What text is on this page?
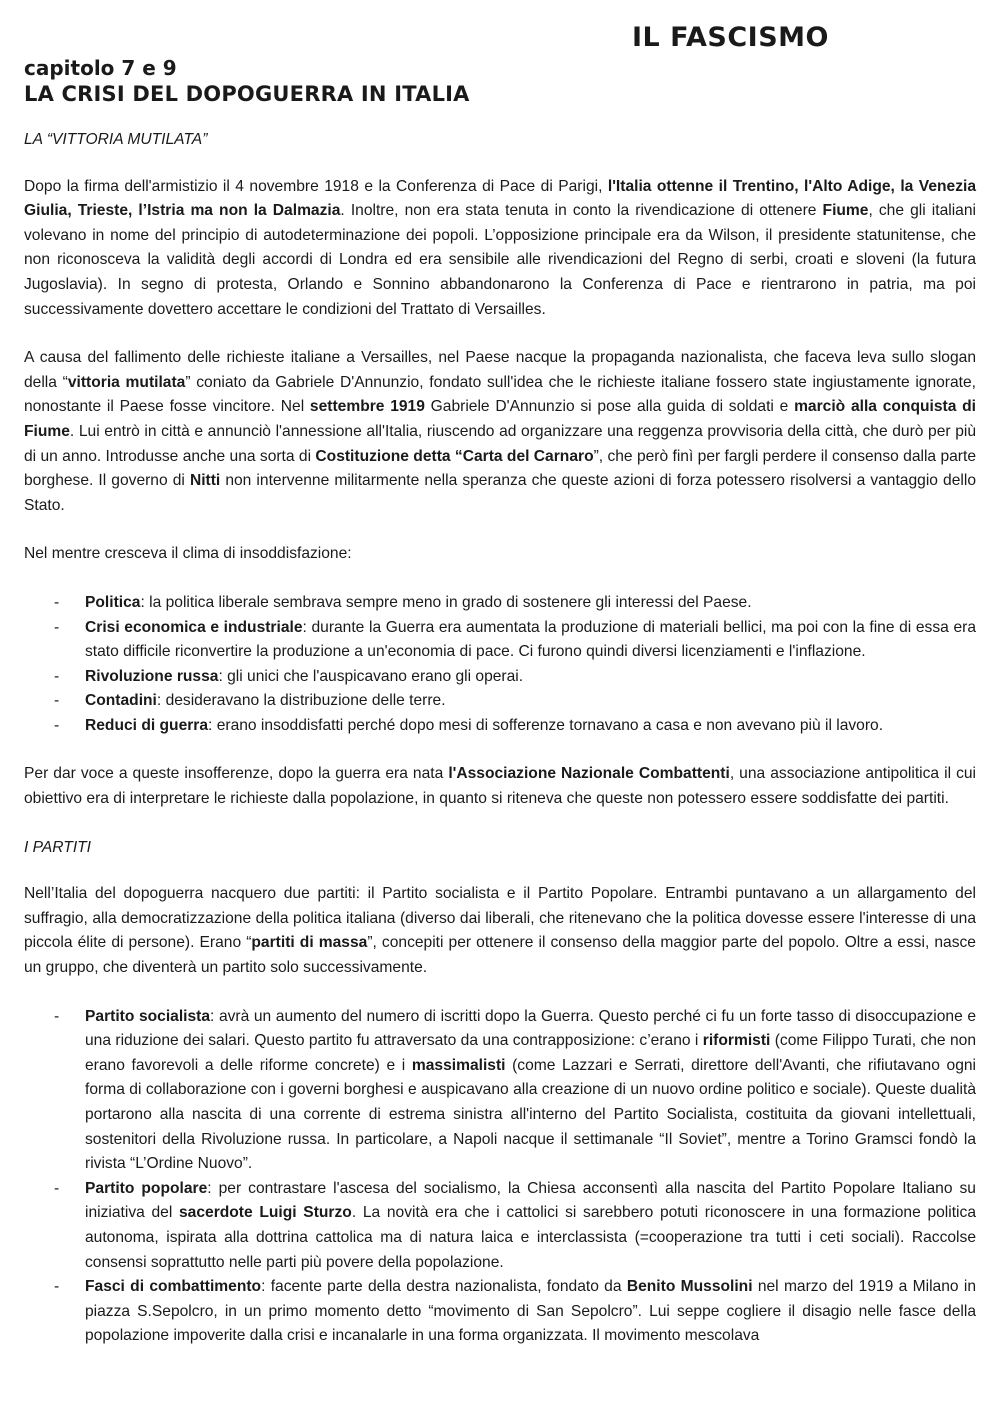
IL FASCISMO
capitolo 7 e 9
LA CRISI DEL DOPOGUERRA IN ITALIA

LA “VITTORIA MUTILATA”

Dopo la firma dell'armistizio il 4 novembre 1918 e la Conferenza di Pace di Parigi, l'Italia ottenne il Trentino, l'Alto Adige, la Venezia Giulia, Trieste, l’Istria ma non la Dalmazia. Inoltre, non era stata tenuta in conto la rivendicazione di ottenere Fiume, che gli italiani volevano in nome del principio di autodeterminazione dei popoli. L’opposizione principale era da Wilson, il presidente statunitense, che non riconosceva la validità degli accordi di Londra ed era sensibile alle rivendicazioni del Regno di serbi, croati e sloveni (la futura Jugoslavia). In segno di protesta, Orlando e Sonnino abbandonarono la Conferenza di Pace e rientrarono in patria, ma poi successivamente dovettero accettare le condizioni del Trattato di Versailles.

A causa del fallimento delle richieste italiane a Versailles, nel Paese nacque la propaganda nazionalista, che faceva leva sullo slogan della “vittoria mutilata” coniato da Gabriele D'Annunzio, fondato sull'idea che le richieste italiane fossero state ingiustamente ignorate, nonostante il Paese fosse vincitore. Nel settembre 1919 Gabriele D'Annunzio si pose alla guida di soldati e marciò alla conquista di Fiume. Lui entrò in città e annunciò l'annessione all'Italia, riuscendo ad organizzare una reggenza provvisoria della città, che durò per più di un anno. Introdusse anche una sorta di Costituzione detta “Carta del Carnaro”, che però finì per fargli perdere il consenso dalla parte borghese. Il governo di Nitti non intervenne militarmente nella speranza che queste azioni di forza potessero risolversi a vantaggio dello Stato.

Nel mentre cresceva il clima di insoddisfazione:

- Politica: la politica liberale sembrava sempre meno in grado di sostenere gli interessi del Paese.
- Crisi economica e industriale: durante la Guerra era aumentata la produzione di materiali bellici, ma poi con la fine di essa era stato difficile riconvertire la produzione a un'economia di pace. Ci furono quindi diversi licenziamenti e l'inflazione.
- Rivoluzione russa: gli unici che l'auspicavano erano gli operai.
- Contadini: desideravano la distribuzione delle terre.
- Reduci di guerra: erano insoddisfatti perché dopo mesi di sofferenze tornavano a casa e non avevano più il lavoro.

Per dar voce a queste insofferenze, dopo la guerra era nata l'Associazione Nazionale Combattenti, una associazione antipolitica il cui obiettivo era di interpretare le richieste dalla popolazione, in quanto si riteneva che queste non potessero essere soddisfatte dei partiti.

I PARTITI

Nell’Italia del dopoguerra nacquero due partiti: il Partito socialista e il Partito Popolare. Entrambi puntavano a un allargamento del suffragio, alla democratizzazione della politica italiana (diverso dai liberali, che ritenevano che la politica dovesse essere l'interesse di una piccola élite di persone). Erano “partiti di massa”, concepiti per ottenere il consenso della maggior parte del popolo. Oltre a essi, nasce un gruppo, che diventerà un partito solo successivamente.

- Partito socialista: avrà un aumento del numero di iscritti dopo la Guerra. Questo perché ci fu un forte tasso di disoccupazione e una riduzione dei salari. Questo partito fu attraversato da una contrapposizione: c’erano i riformisti (come Filippo Turati, che non erano favorevoli a delle riforme concrete) e i massimalisti (come Lazzari e Serrati, direttore dell'Avanti, che rifiutavano ogni forma di collaborazione con i governi borghesi e auspicavano alla creazione di un nuovo ordine politico e sociale). Queste dualità portarono alla nascita di una corrente di estrema sinistra all'interno del Partito Socialista, costituita da giovani intellettuali, sostenitori della Rivoluzione russa. In particolare, a Napoli nacque il settimanale “Il Soviet”, mentre a Torino Gramsci fondò la rivista “L’Ordine Nuovo”.
- Partito popolare: per contrastare l'ascesa del socialismo, la Chiesa acconsentì alla nascita del Partito Popolare Italiano su iniziativa del sacerdote Luigi Sturzo. La novità era che i cattolici si sarebbero potuti riconoscere in una formazione politica autonoma, ispirata alla dottrina cattolica ma di natura laica e interclassista (=cooperazione tra tutti i ceti sociali). Raccolse consensi soprattutto nelle parti più povere della popolazione.
- Fasci di combattimento: facente parte della destra nazionalista, fondato da Benito Mussolini nel marzo del 1919 a Milano in piazza S.Sepolcro, in un primo momento detto “movimento di San Sepolcro”. Lui seppe cogliere il disagio nelle fasce della popolazione impoverite dalla crisi e incanalarle in una forma organizzata. Il movimento mescolava
